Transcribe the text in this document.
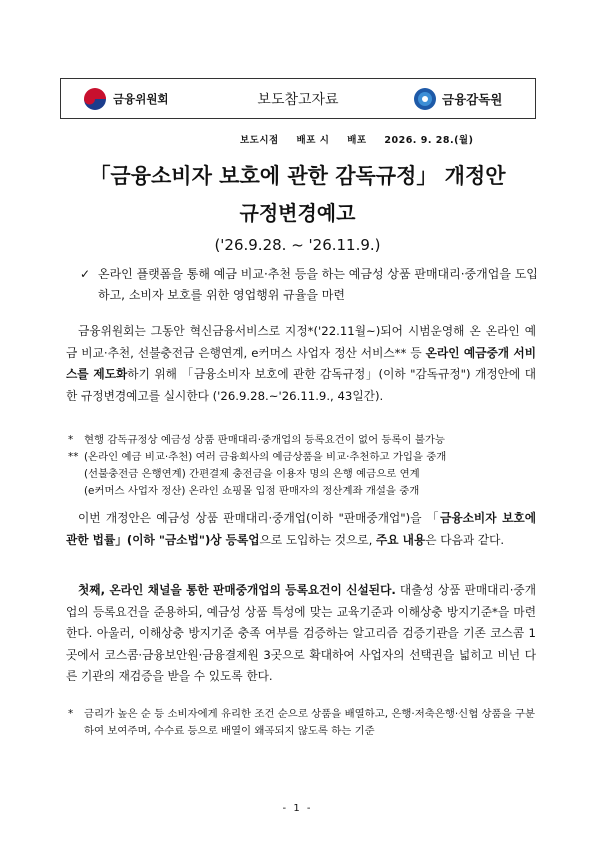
금융위원회	보도참고자료	금융감독원
보도시점 배포 시 배포 2026. 9. 28.(월)
「금융소비자 보호에 관한 감독규정」 개정안
규정변경예고
('26.9.28. ~ '26.11.9.)
✓ 온라인 플랫폼을 통해 예금 비교·추천 등을 하는 예금성 상품 판매대리·중개업을 도입하고, 소비자 보호를 위한 영업행위 규율을 마련

금융위원회는 그동안 혁신금융서비스로 지정*('22.11월~)되어 시범운영해 온 온라인 예금 비교·추천, 선불충전금 은행연계, e커머스 사업자 정산 서비스** 등 온라인 예금중개 서비스를 제도화하기 위해 「금융소비자 보호에 관한 감독규정」(이하 "감독규정") 개정안에 대한 규정변경예고를 실시한다 ('26.9.28.~'26.11.9., 43일간).

* 현행 감독규정상 예금성 상품 판매대리·중개업의 등록요건이 없어 등록이 불가능
** (온라인 예금 비교·추천) 여러 금융회사의 예금상품을 비교·추천하고 가입을 중개
(선불충전금 은행연계) 간편결제 충전금을 이용자 명의 은행 예금으로 연계
(e커머스 사업자 정산) 온라인 쇼핑몰 입점 판매자의 정산계좌 개설을 중개

이번 개정안은 예금성 상품 판매대리·중개업(이하 "판매중개업")을 「금융소비자 보호에 관한 법률」(이하 "금소법")상 등록업으로 도입하는 것으로, 주요 내용은 다음과 같다.

첫째, 온라인 채널을 통한 판매중개업의 등록요건이 신설된다. 대출성 상품 판매대리·중개업의 등록요건을 준용하되, 예금성 상품 특성에 맞는 교육기준과 이해상충 방지기준*을 마련한다. 아울러, 이해상충 방지기준 충족 여부를 검증하는 알고리즘 검증기관을 기존 코스콤 1곳에서 코스콤·금융보안원·금융결제원 3곳으로 확대하여 사업자의 선택권을 넓히고 비넌 다른 기관의 재검증을 받을 수 있도록 한다.

* 금리가 높은 순 등 소비자에게 유리한 조건 순으로 상품을 배열하고, 은행·저축은행·신협 상품을 구분하여 보여주며, 수수료 등으로 배열이 왜곡되지 않도록 하는 기준
- 1 -
